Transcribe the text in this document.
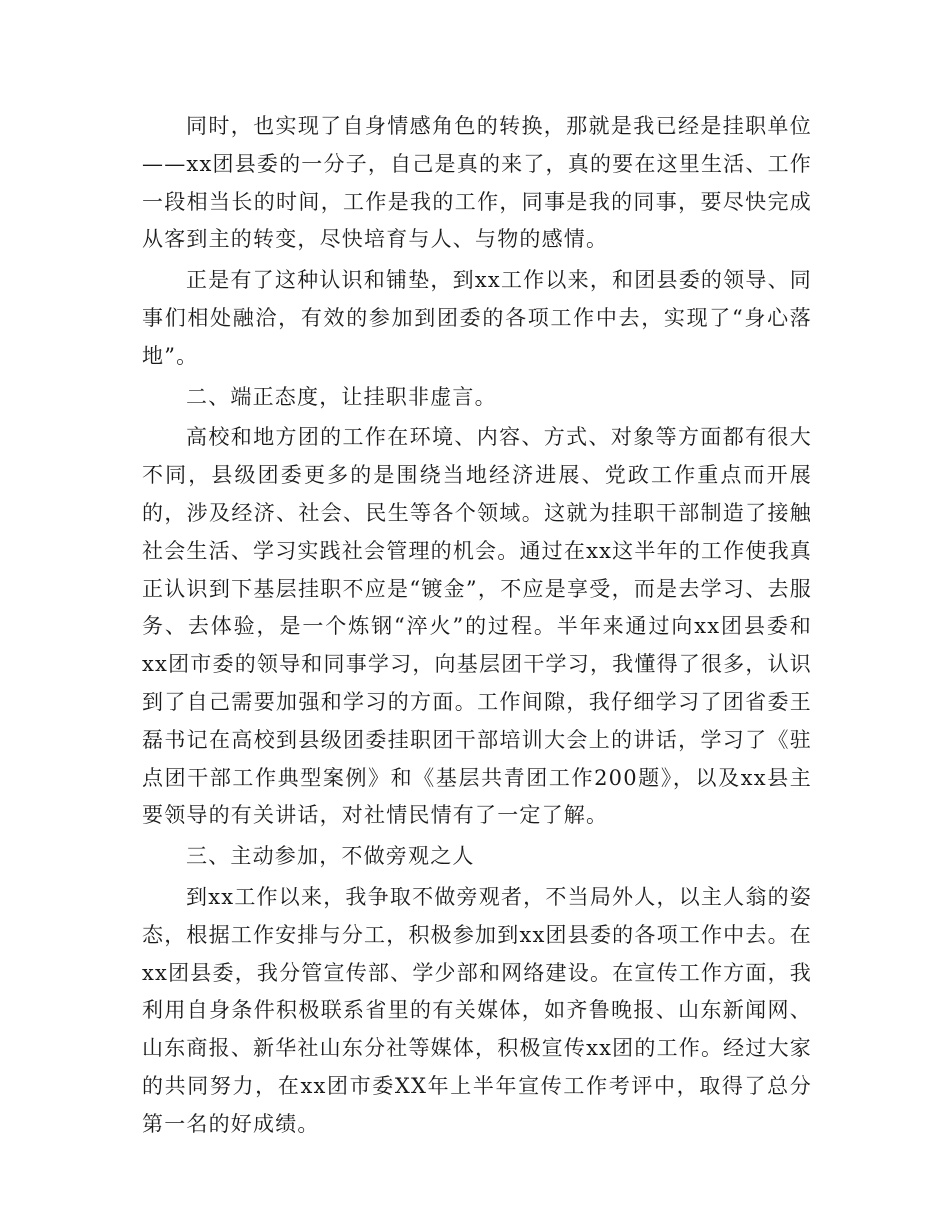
同时，也实现了自身情感角色的转换，那就是我已经是挂职单位——xx团县委的一分子，自己是真的来了，真的要在这里生活、工作一段相当长的时间，工作是我的工作，同事是我的同事，要尽快完成从客到主的转变，尽快培育与人、与物的感情。

正是有了这种认识和铺垫，到xx工作以来，和团县委的领导、同事们相处融洽，有效的参加到团委的各项工作中去，实现了“身心落地”。

二、端正态度，让挂职非虚言。

高校和地方团的工作在环境、内容、方式、对象等方面都有很大不同，县级团委更多的是围绕当地经济进展、党政工作重点而开展的，涉及经济、社会、民生等各个领域。这就为挂职干部制造了接触社会生活、学习实践社会管理的机会。通过在xx这半年的工作使我真正认识到下基层挂职不应是“镀金”，不应是享受，而是去学习、去服务、去体验，是一个炼钢“淬火”的过程。半年来通过向xx团县委和xx团市委的领导和同事学习，向基层团干学习，我懂得了很多，认识到了自己需要加强和学习的方面。工作间隙，我仔细学习了团省委王磊书记在高校到县级团委挂职团干部培训大会上的讲话，学习了《驻点团干部工作典型案例》和《基层共青团工作200题》，以及xx县主要领导的有关讲话，对社情民情有了一定了解。

三、主动参加，不做旁观之人

到xx工作以来，我争取不做旁观者，不当局外人，以主人翁的姿态，根据工作安排与分工，积极参加到xx团县委的各项工作中去。在xx团县委，我分管宣传部、学少部和网络建设。在宣传工作方面，我利用自身条件积极联系省里的有关媒体，如齐鲁晚报、山东新闻网、山东商报、新华社山东分社等媒体，积极宣传xx团的工作。经过大家的共同努力，在xx团市委XX年上半年宣传工作考评中，取得了总分第一名的好成绩。
